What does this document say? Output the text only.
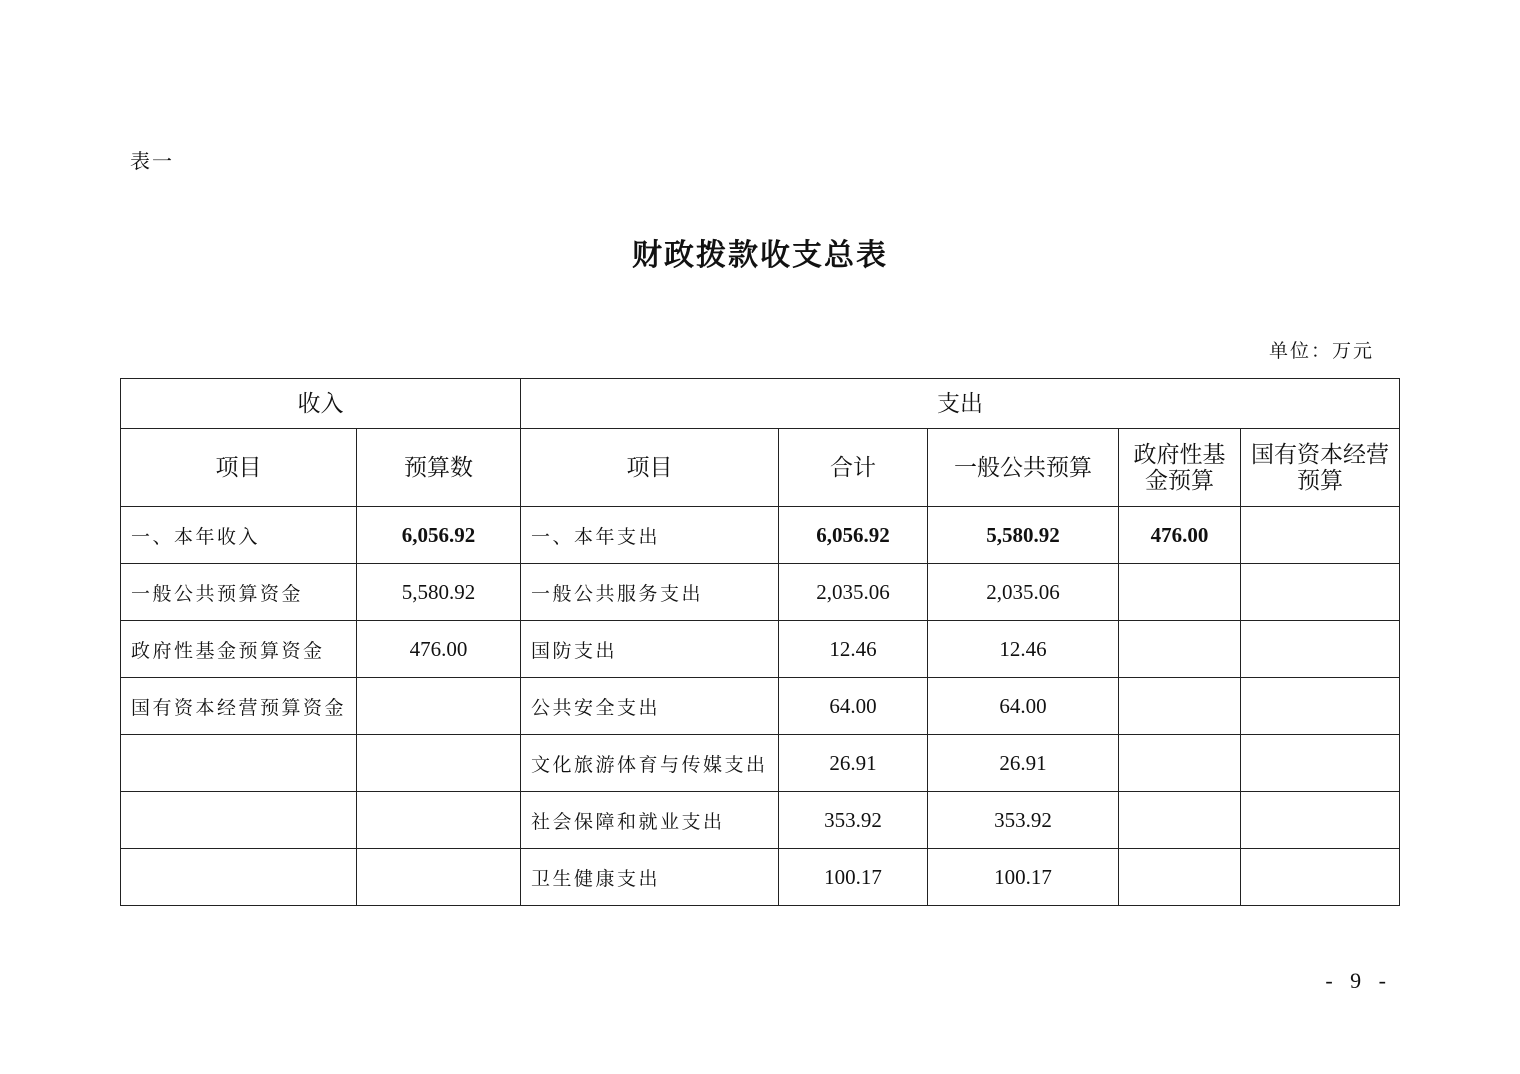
表一
财政拨款收支总表
单位：万元
收入		支出				
项目	预算数	项目	合计	一般公共预算	政府性基金预算	国有资本经营预算
一、本年收入	6,056.92	一、本年支出	6,056.92	5,580.92	476.00	
一般公共预算资金	5,580.92	一般公共服务支出	2,035.06	2,035.06		
政府性基金预算资金	476.00	国防支出	12.46	12.46		
国有资本经营预算资金		公共安全支出	64.00	64.00		
		文化旅游体育与传媒支出	26.91	26.91		
		社会保障和就业支出	353.92	353.92		
		卫生健康支出	100.17	100.17		
- 9 -
